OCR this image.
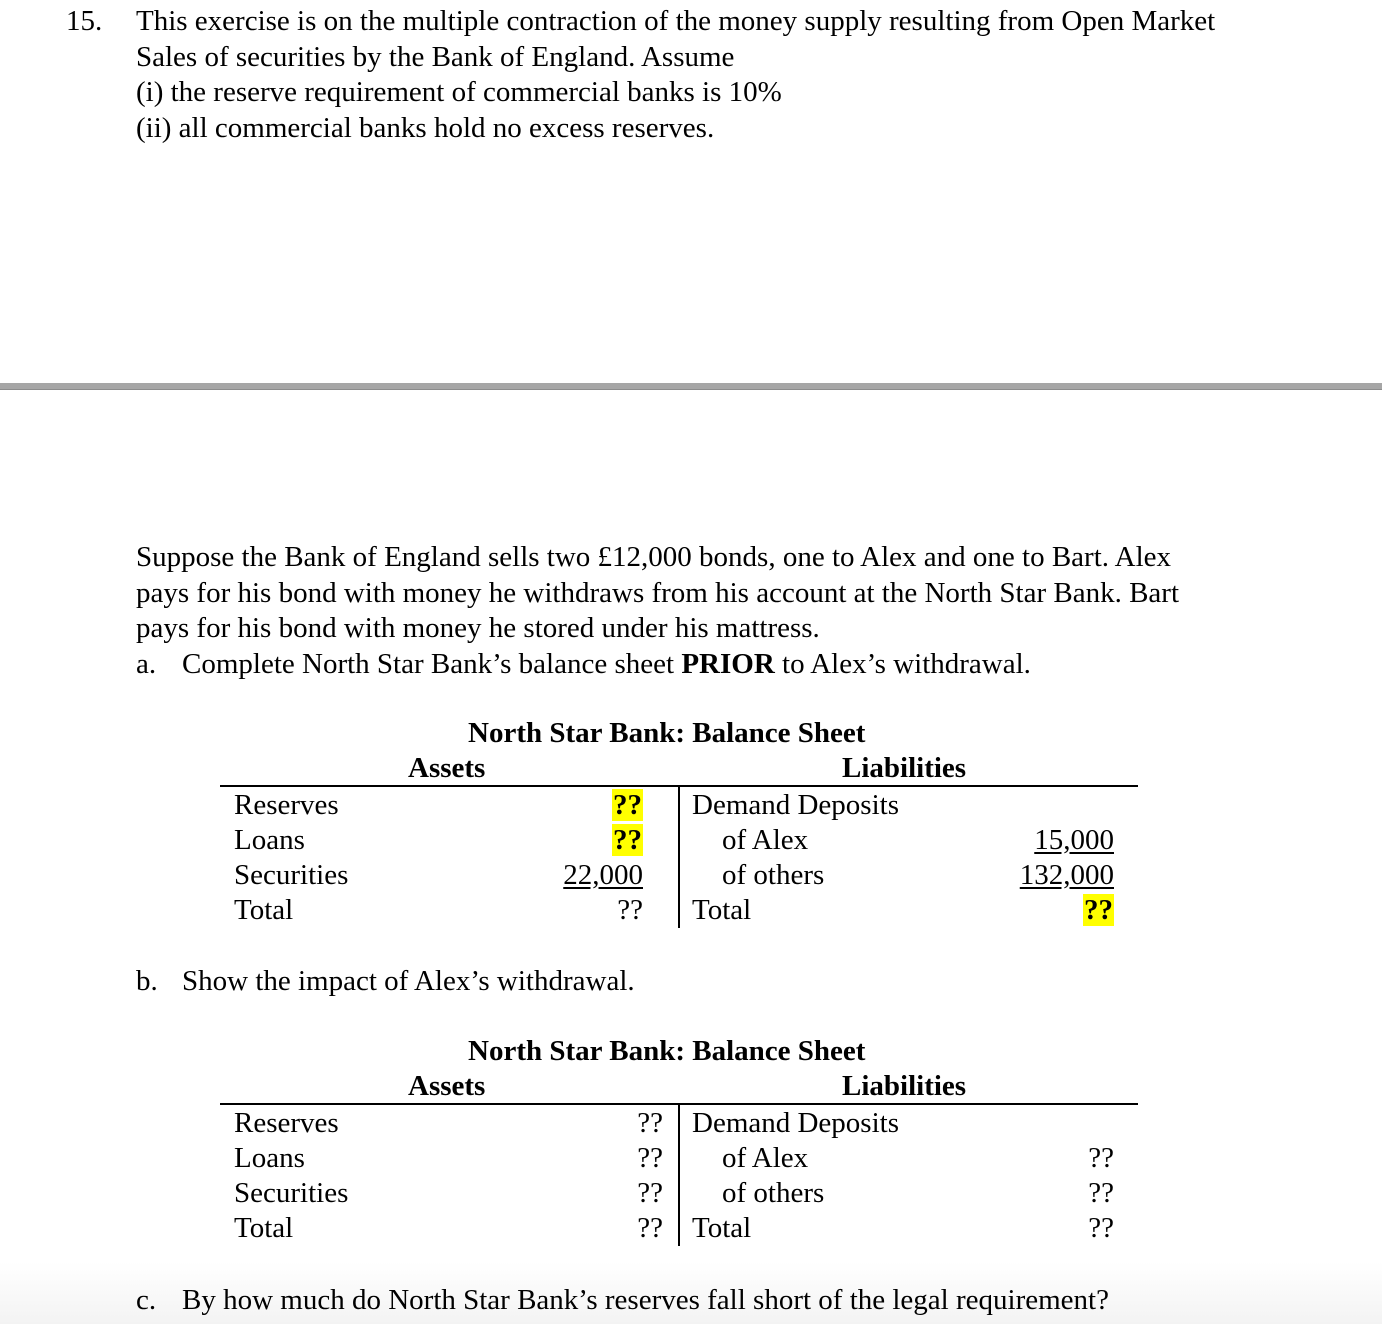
15. This exercise is on the multiple contraction of the money supply resulting from Open Market
Sales of securities by the Bank of England. Assume
(i) the reserve requirement of commercial banks is 10%
(ii) all commercial banks hold no excess reserves.
Suppose the Bank of England sells two £12,000 bonds, one to Alex and one to Bart. Alex
pays for his bond with money he withdraws from his account at the North Star Bank. Bart
pays for his bond with money he stored under his mattress.
a. Complete North Star Bank’s balance sheet PRIOR to Alex’s withdrawal.
North Star Bank: Balance Sheet
Assets	Liabilities
Reserves
Loans
Securities
Total
??
??
22,000
??
Demand Deposits
of Alex
of others
Total
15,000
132,000
??
b. Show the impact of Alex’s withdrawal.
North Star Bank: Balance Sheet
Assets	Liabilities
Reserves
Loans
Securities
Total
??
??
??
??
Demand Deposits
of Alex
of others
Total
??
??
??
c. By how much do North Star Bank’s reserves fall short of the legal requirement?
